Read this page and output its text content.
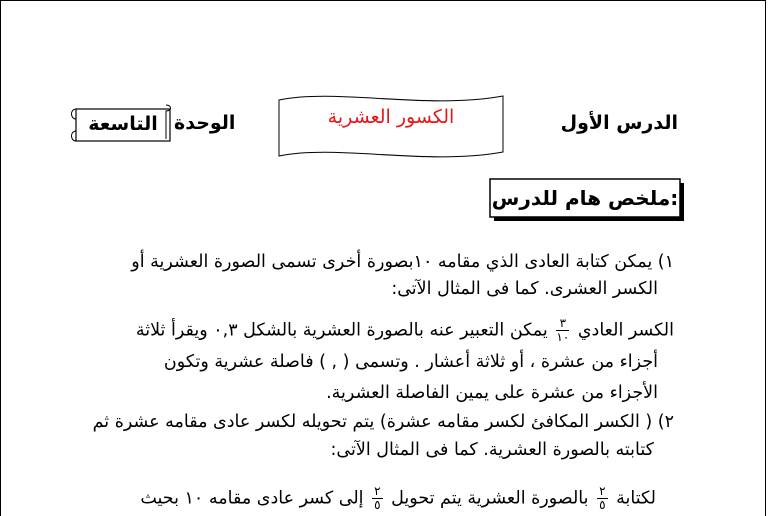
الدرس الأول
الكسور العشرية
الوحدة
التاسعة
ملخص هام للدرس:
١) يمكن كتابة العادى الذي مقامه ١٠بصورة أخرى تسمى الصورة العشرية أو
الكسر العشرى. كما فى المثال الآتى:
الكسر العادي
$\frac{٣}{١٠}$
يمكن التعبير عنه بالصورة العشرية بالشكل ٠,٣ ويقرأ ثلاثة
أجزاء من عشرة ، أو ثلاثة أعشار . وتسمى ( , ) فاصلة عشرية وتكون
الأجزاء من عشرة على يمين الفاصلة العشرية.
٢) ( الكسر المكافئ لكسر مقامه عشرة) يتم تحويله لكسر عادى مقامه عشرة ثم
كتابته بالصورة العشرية. كما فى المثال الآتى:
لكتابة
$\frac{٢}{٥}$
بالصورة العشرية يتم تحويل
$\frac{٢}{٥}$
إلى كسر عادى مقامه ١٠ بحيث
